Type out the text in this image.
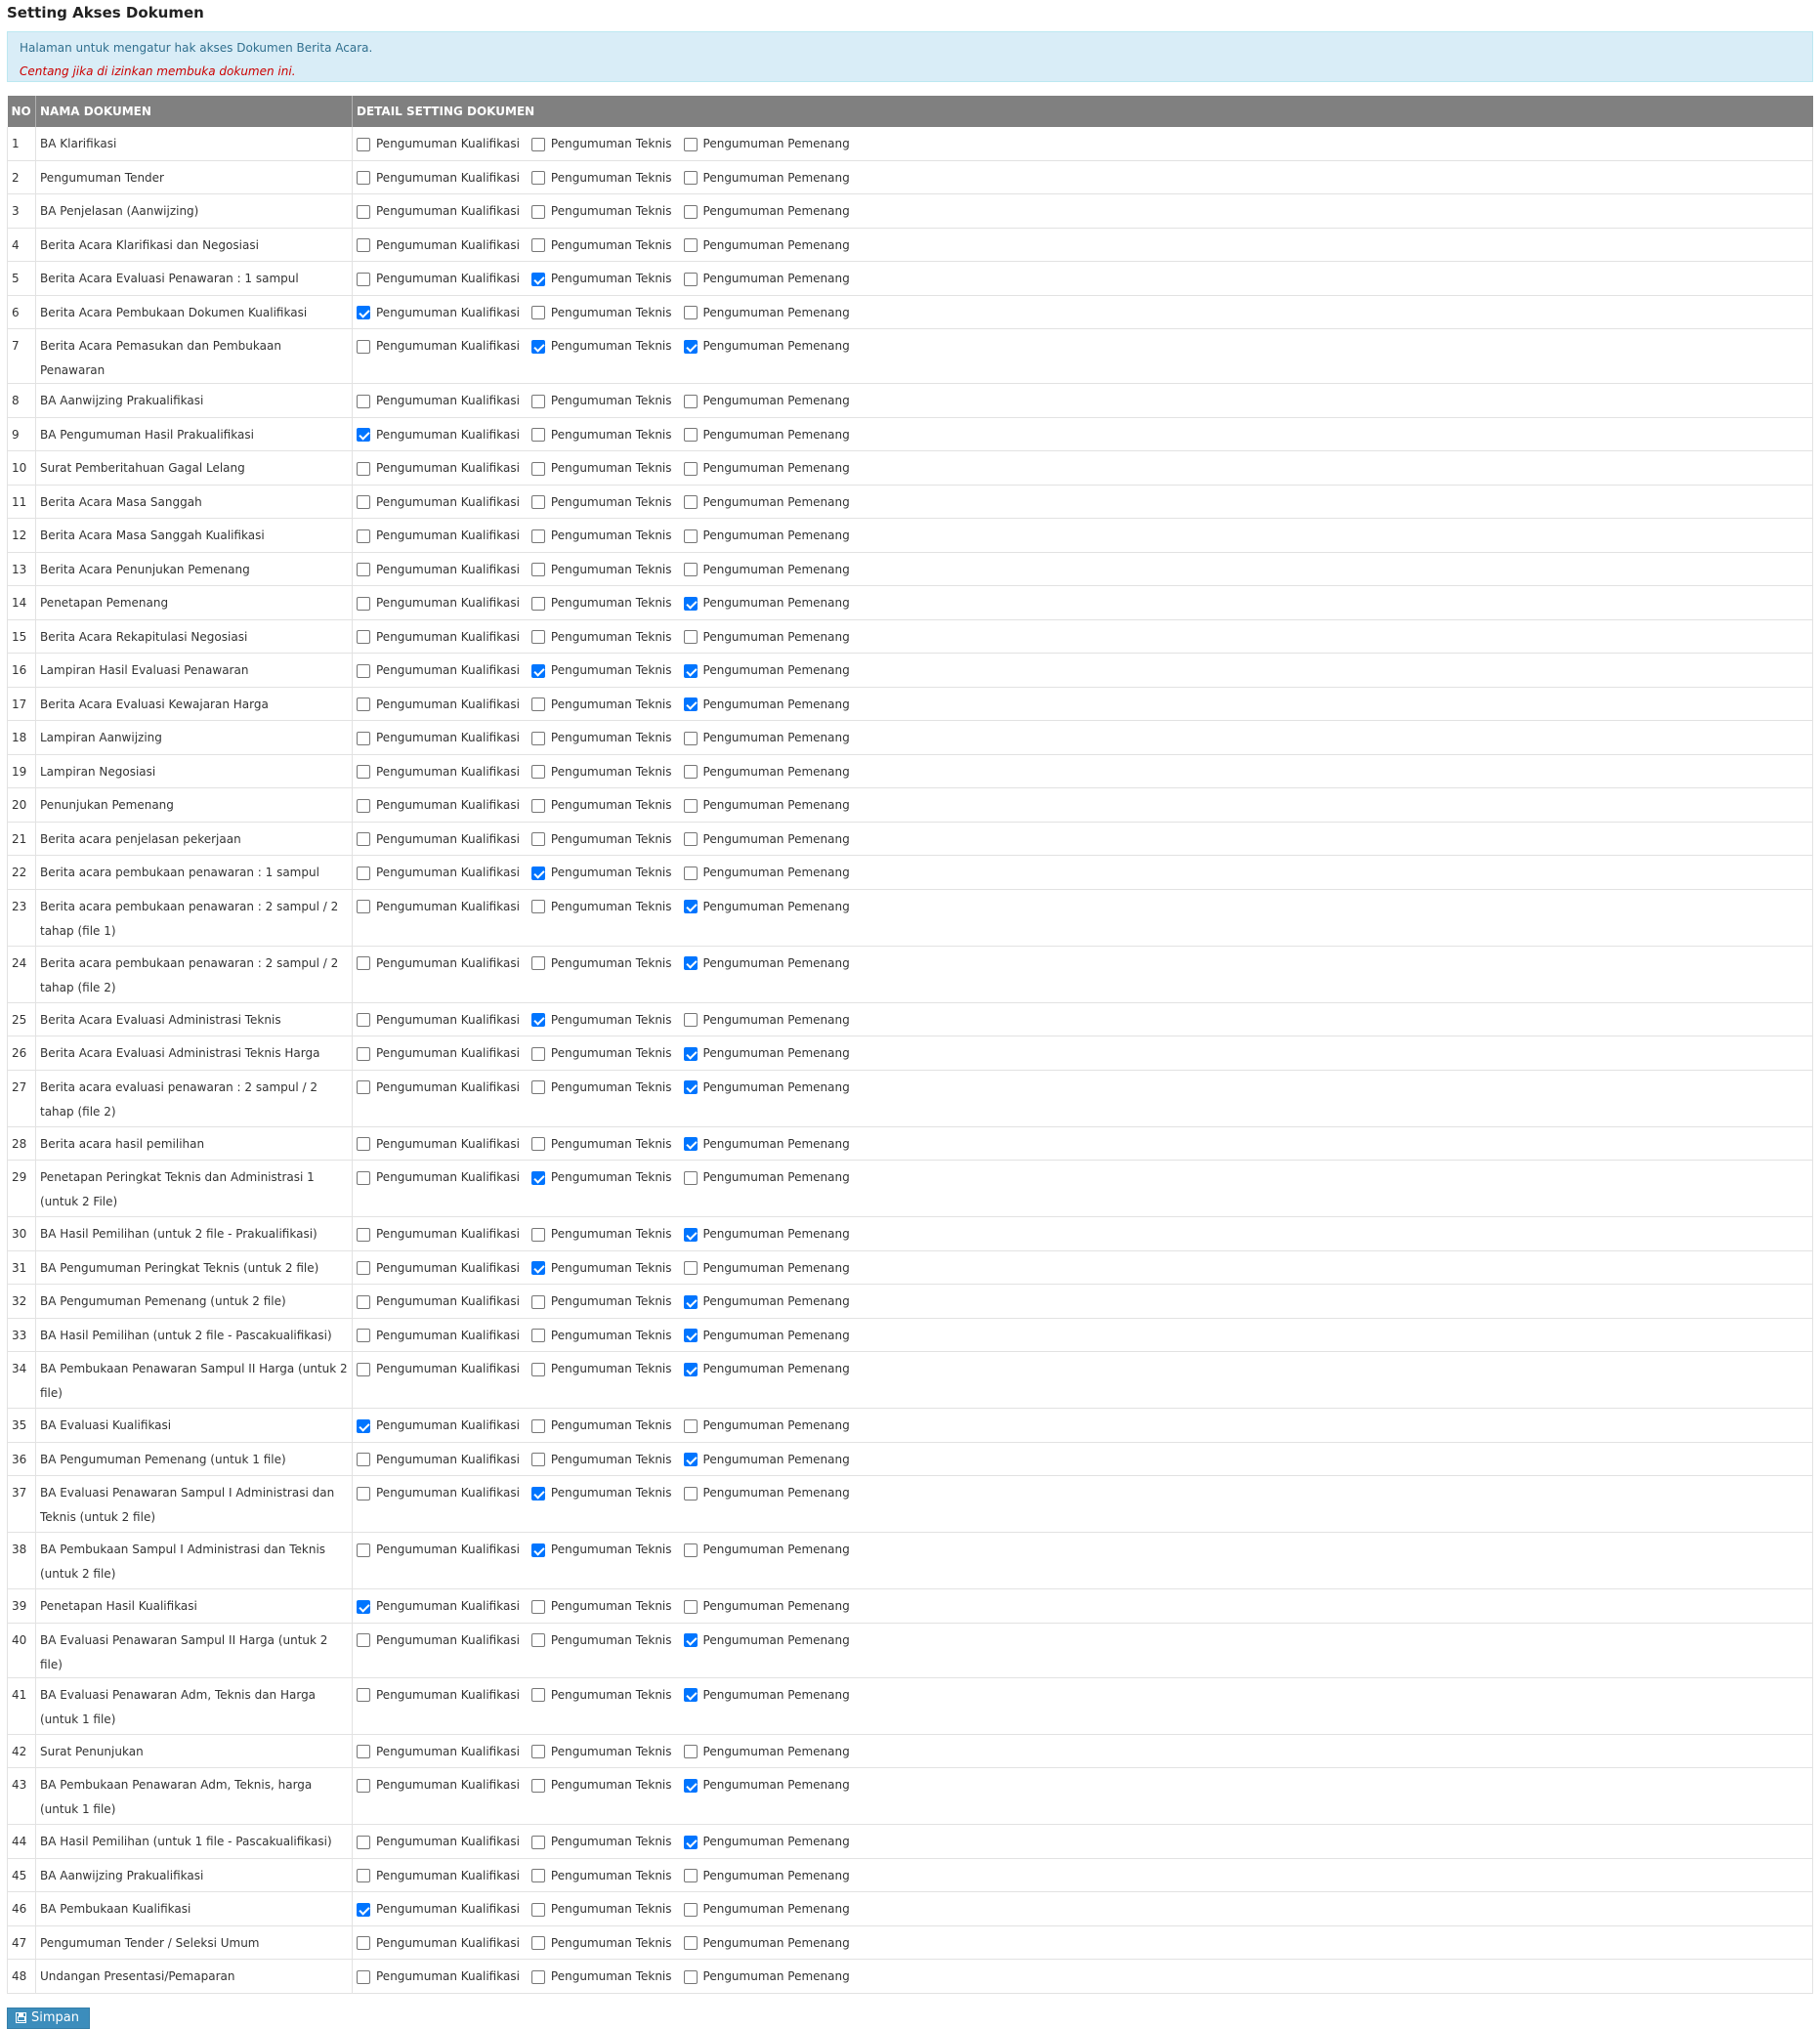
Setting Akses Dokumen
Halaman untuk mengatur hak akses Dokumen Berita Acara.
Centang jika di izinkan membuka dokumen ini.
NO	NAMA DOKUMEN	DETAIL SETTING DOKUMEN
1	BA Klarifikasi	Pengumuman Kualifikasi Pengumuman Teknis Pengumuman Pemenang

2	Pengumuman Tender	Pengumuman Kualifikasi Pengumuman Teknis Pengumuman Pemenang

3	BA Penjelasan (Aanwijzing)	Pengumuman Kualifikasi Pengumuman Teknis Pengumuman Pemenang

4	Berita Acara Klarifikasi dan Negosiasi	Pengumuman Kualifikasi Pengumuman Teknis Pengumuman Pemenang

5	Berita Acara Evaluasi Penawaran : 1 sampul	Pengumuman Kualifikasi Pengumuman Teknis Pengumuman Pemenang

6	Berita Acara Pembukaan Dokumen Kualifikasi	Pengumuman Kualifikasi Pengumuman Teknis Pengumuman Pemenang

7	Berita Acara Pemasukan dan Pembukaan Penawaran	Pengumuman Kualifikasi Pengumuman Teknis Pengumuman Pemenang

8	BA Aanwijzing Prakualifikasi	Pengumuman Kualifikasi Pengumuman Teknis Pengumuman Pemenang

9	BA Pengumuman Hasil Prakualifikasi	Pengumuman Kualifikasi Pengumuman Teknis Pengumuman Pemenang

10	Surat Pemberitahuan Gagal Lelang	Pengumuman Kualifikasi Pengumuman Teknis Pengumuman Pemenang

11	Berita Acara Masa Sanggah	Pengumuman Kualifikasi Pengumuman Teknis Pengumuman Pemenang

12	Berita Acara Masa Sanggah Kualifikasi	Pengumuman Kualifikasi Pengumuman Teknis Pengumuman Pemenang

13	Berita Acara Penunjukan Pemenang	Pengumuman Kualifikasi Pengumuman Teknis Pengumuman Pemenang

14	Penetapan Pemenang	Pengumuman Kualifikasi Pengumuman Teknis Pengumuman Pemenang

15	Berita Acara Rekapitulasi Negosiasi	Pengumuman Kualifikasi Pengumuman Teknis Pengumuman Pemenang

16	Lampiran Hasil Evaluasi Penawaran	Pengumuman Kualifikasi Pengumuman Teknis Pengumuman Pemenang

17	Berita Acara Evaluasi Kewajaran Harga	Pengumuman Kualifikasi Pengumuman Teknis Pengumuman Pemenang

18	Lampiran Aanwijzing	Pengumuman Kualifikasi Pengumuman Teknis Pengumuman Pemenang

19	Lampiran Negosiasi	Pengumuman Kualifikasi Pengumuman Teknis Pengumuman Pemenang

20	Penunjukan Pemenang	Pengumuman Kualifikasi Pengumuman Teknis Pengumuman Pemenang

21	Berita acara penjelasan pekerjaan	Pengumuman Kualifikasi Pengumuman Teknis Pengumuman Pemenang

22	Berita acara pembukaan penawaran : 1 sampul	Pengumuman Kualifikasi Pengumuman Teknis Pengumuman Pemenang

23	Berita acara pembukaan penawaran : 2 sampul / 2 tahap (file 1)	Pengumuman Kualifikasi Pengumuman Teknis Pengumuman Pemenang

24	Berita acara pembukaan penawaran : 2 sampul / 2 tahap (file 2)	Pengumuman Kualifikasi Pengumuman Teknis Pengumuman Pemenang

25	Berita Acara Evaluasi Administrasi Teknis	Pengumuman Kualifikasi Pengumuman Teknis Pengumuman Pemenang

26	Berita Acara Evaluasi Administrasi Teknis Harga	Pengumuman Kualifikasi Pengumuman Teknis Pengumuman Pemenang

27	Berita acara evaluasi penawaran : 2 sampul / 2 tahap (file 2)	Pengumuman Kualifikasi Pengumuman Teknis Pengumuman Pemenang

28	Berita acara hasil pemilihan	Pengumuman Kualifikasi Pengumuman Teknis Pengumuman Pemenang

29	Penetapan Peringkat Teknis dan Administrasi 1 (untuk 2 File)	Pengumuman Kualifikasi Pengumuman Teknis Pengumuman Pemenang

30	BA Hasil Pemilihan (untuk 2 file - Prakualifikasi)	Pengumuman Kualifikasi Pengumuman Teknis Pengumuman Pemenang

31	BA Pengumuman Peringkat Teknis (untuk 2 file)	Pengumuman Kualifikasi Pengumuman Teknis Pengumuman Pemenang

32	BA Pengumuman Pemenang (untuk 2 file)	Pengumuman Kualifikasi Pengumuman Teknis Pengumuman Pemenang

33	BA Hasil Pemilihan (untuk 2 file - Pascakualifikasi)	Pengumuman Kualifikasi Pengumuman Teknis Pengumuman Pemenang

34	BA Pembukaan Penawaran Sampul II Harga (untuk 2 file)	Pengumuman Kualifikasi Pengumuman Teknis Pengumuman Pemenang

35	BA Evaluasi Kualifikasi	Pengumuman Kualifikasi Pengumuman Teknis Pengumuman Pemenang

36	BA Pengumuman Pemenang (untuk 1 file)	Pengumuman Kualifikasi Pengumuman Teknis Pengumuman Pemenang

37	BA Evaluasi Penawaran Sampul I Administrasi dan Teknis (untuk 2 file)	Pengumuman Kualifikasi Pengumuman Teknis Pengumuman Pemenang

38	BA Pembukaan Sampul I Administrasi dan Teknis (untuk 2 file)	Pengumuman Kualifikasi Pengumuman Teknis Pengumuman Pemenang

39	Penetapan Hasil Kualifikasi	Pengumuman Kualifikasi Pengumuman Teknis Pengumuman Pemenang

40	BA Evaluasi Penawaran Sampul II Harga (untuk 2 file)	Pengumuman Kualifikasi Pengumuman Teknis Pengumuman Pemenang

41	BA Evaluasi Penawaran Adm, Teknis dan Harga (untuk 1 file)	Pengumuman Kualifikasi Pengumuman Teknis Pengumuman Pemenang

42	Surat Penunjukan	Pengumuman Kualifikasi Pengumuman Teknis Pengumuman Pemenang

43	BA Pembukaan Penawaran Adm, Teknis, harga (untuk 1 file)	Pengumuman Kualifikasi Pengumuman Teknis Pengumuman Pemenang

44	BA Hasil Pemilihan (untuk 1 file - Pascakualifikasi)	Pengumuman Kualifikasi Pengumuman Teknis Pengumuman Pemenang

45	BA Aanwijzing Prakualifikasi	Pengumuman Kualifikasi Pengumuman Teknis Pengumuman Pemenang

46	BA Pembukaan Kualifikasi	Pengumuman Kualifikasi Pengumuman Teknis Pengumuman Pemenang

47	Pengumuman Tender / Seleksi Umum	Pengumuman Kualifikasi Pengumuman Teknis Pengumuman Pemenang

48	Undangan Presentasi/Pemaparan	Pengumuman Kualifikasi Pengumuman Teknis Pengumuman Pemenang
Simpan
